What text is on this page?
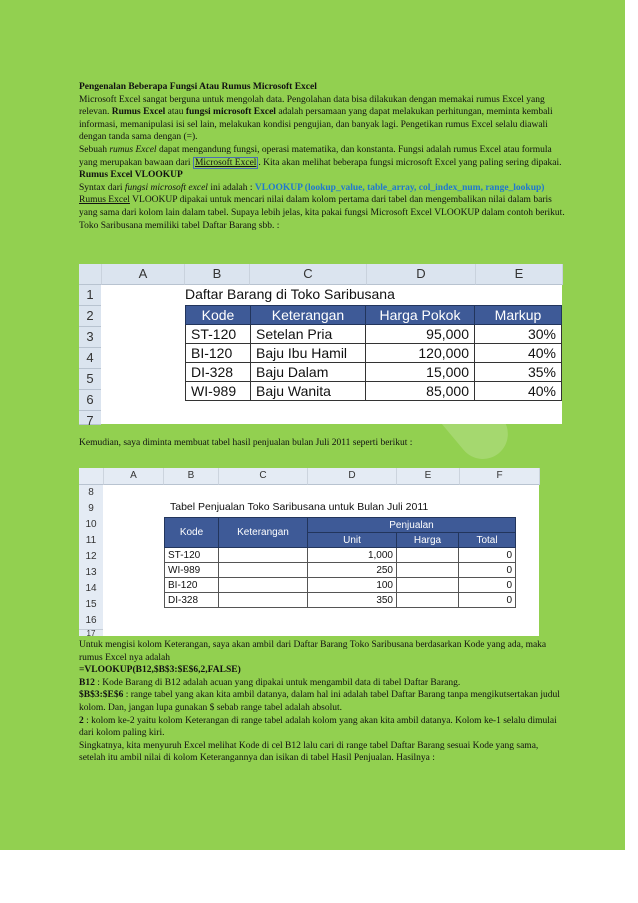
Pengenalan Beberapa Fungsi Atau Rumus Microsoft Excel
Microsoft Excel sangat berguna untuk mengolah data. Pengolahan data bisa dilakukan dengan memakai rumus Excel yang relevan. Rumus Excel atau fungsi microsoft Excel adalah persamaan yang dapat melakukan perhitungan, meminta kembali informasi, memanipulasi isi sel lain, melakukan kondisi pengujian, dan banyak lagi. Pengetikan rumus Excel selalu diawali dengan tanda sama dengan (=).
Sebuah rumus Excel dapat mengandung fungsi, operasi matematika, dan konstanta. Fungsi adalah rumus Excel atau formula yang merupakan bawaan dari Microsoft Excel . Kita akan melihat beberapa fungsi microsoft Excel yang paling sering dipakai.
Rumus Excel VLOOKUP
Syntax dari fungsi microsoft excel ini adalah : VLOOKUP (lookup_value, table_array, col_index_num, range_lookup)
Rumus Excel VLOOKUP dipakai untuk mencari nilai dalam kolom pertama dari tabel dan mengembalikan nilai dalam baris yang sama dari kolom lain dalam tabel. Supaya lebih jelas, kita pakai fungsi Microsoft Excel VLOOKUP dalam contoh berikut.
Toko Saribusana memiliki tabel Daftar Barang sbb. :
A	B	C	D	E
1
2
3
4
5
6
7
Daftar Barang di Toko Saribusana
Kode	Keterangan	Harga Pokok	Markup
ST-120	Setelan Pria	95,000	30%
BI-120	Baju Ibu Hamil	120,000	40%
DI-328	Baju Dalam	15,000	35%
WI-989	Baju Wanita	85,000	40%
Kemudian, saya diminta membuat tabel hasil penjualan bulan Juli 2011 seperti berikut :
A	B	C	D	E	F
8
9
10
11
12
13
14
15
16
Tabel Penjualan Toko Saribusana untuk Bulan Juli 2011
Kode	Keterangan	Penjualan		
		Unit	Harga	Total
ST-120		1,000		0
WI-989		250		0
BI-120		100		0
DI-328		350		0
17
Untuk mengisi kolom Keterangan, saya akan ambil dari Daftar Barang Toko Saribusana berdasarkan Kode yang ada, maka rumus Excel nya adalah
=VLOOKUP(B12,$B$3:$E$6,2,FALSE)
B12 : Kode Barang di B12 adalah acuan yang dipakai untuk mengambil data di tabel Daftar Barang.
$B$3:$E$6 : range tabel yang akan kita ambil datanya, dalam hal ini adalah tabel Daftar Barang tanpa mengikutsertakan judul kolom. Dan, jangan lupa gunakan $ sebab range tabel adalah absolut.
2 : kolom ke-2 yaitu kolom Keterangan di range tabel adalah kolom yang akan kita ambil datanya. Kolom ke-1 selalu dimulai dari kolom paling kiri.
Singkatnya, kita menyuruh Excel melihat Kode di cel B12 lalu cari di range tabel Daftar Barang sesuai Kode yang sama, setelah itu ambil nilai di kolom Keterangannya dan isikan di tabel Hasil Penjualan. Hasilnya :
